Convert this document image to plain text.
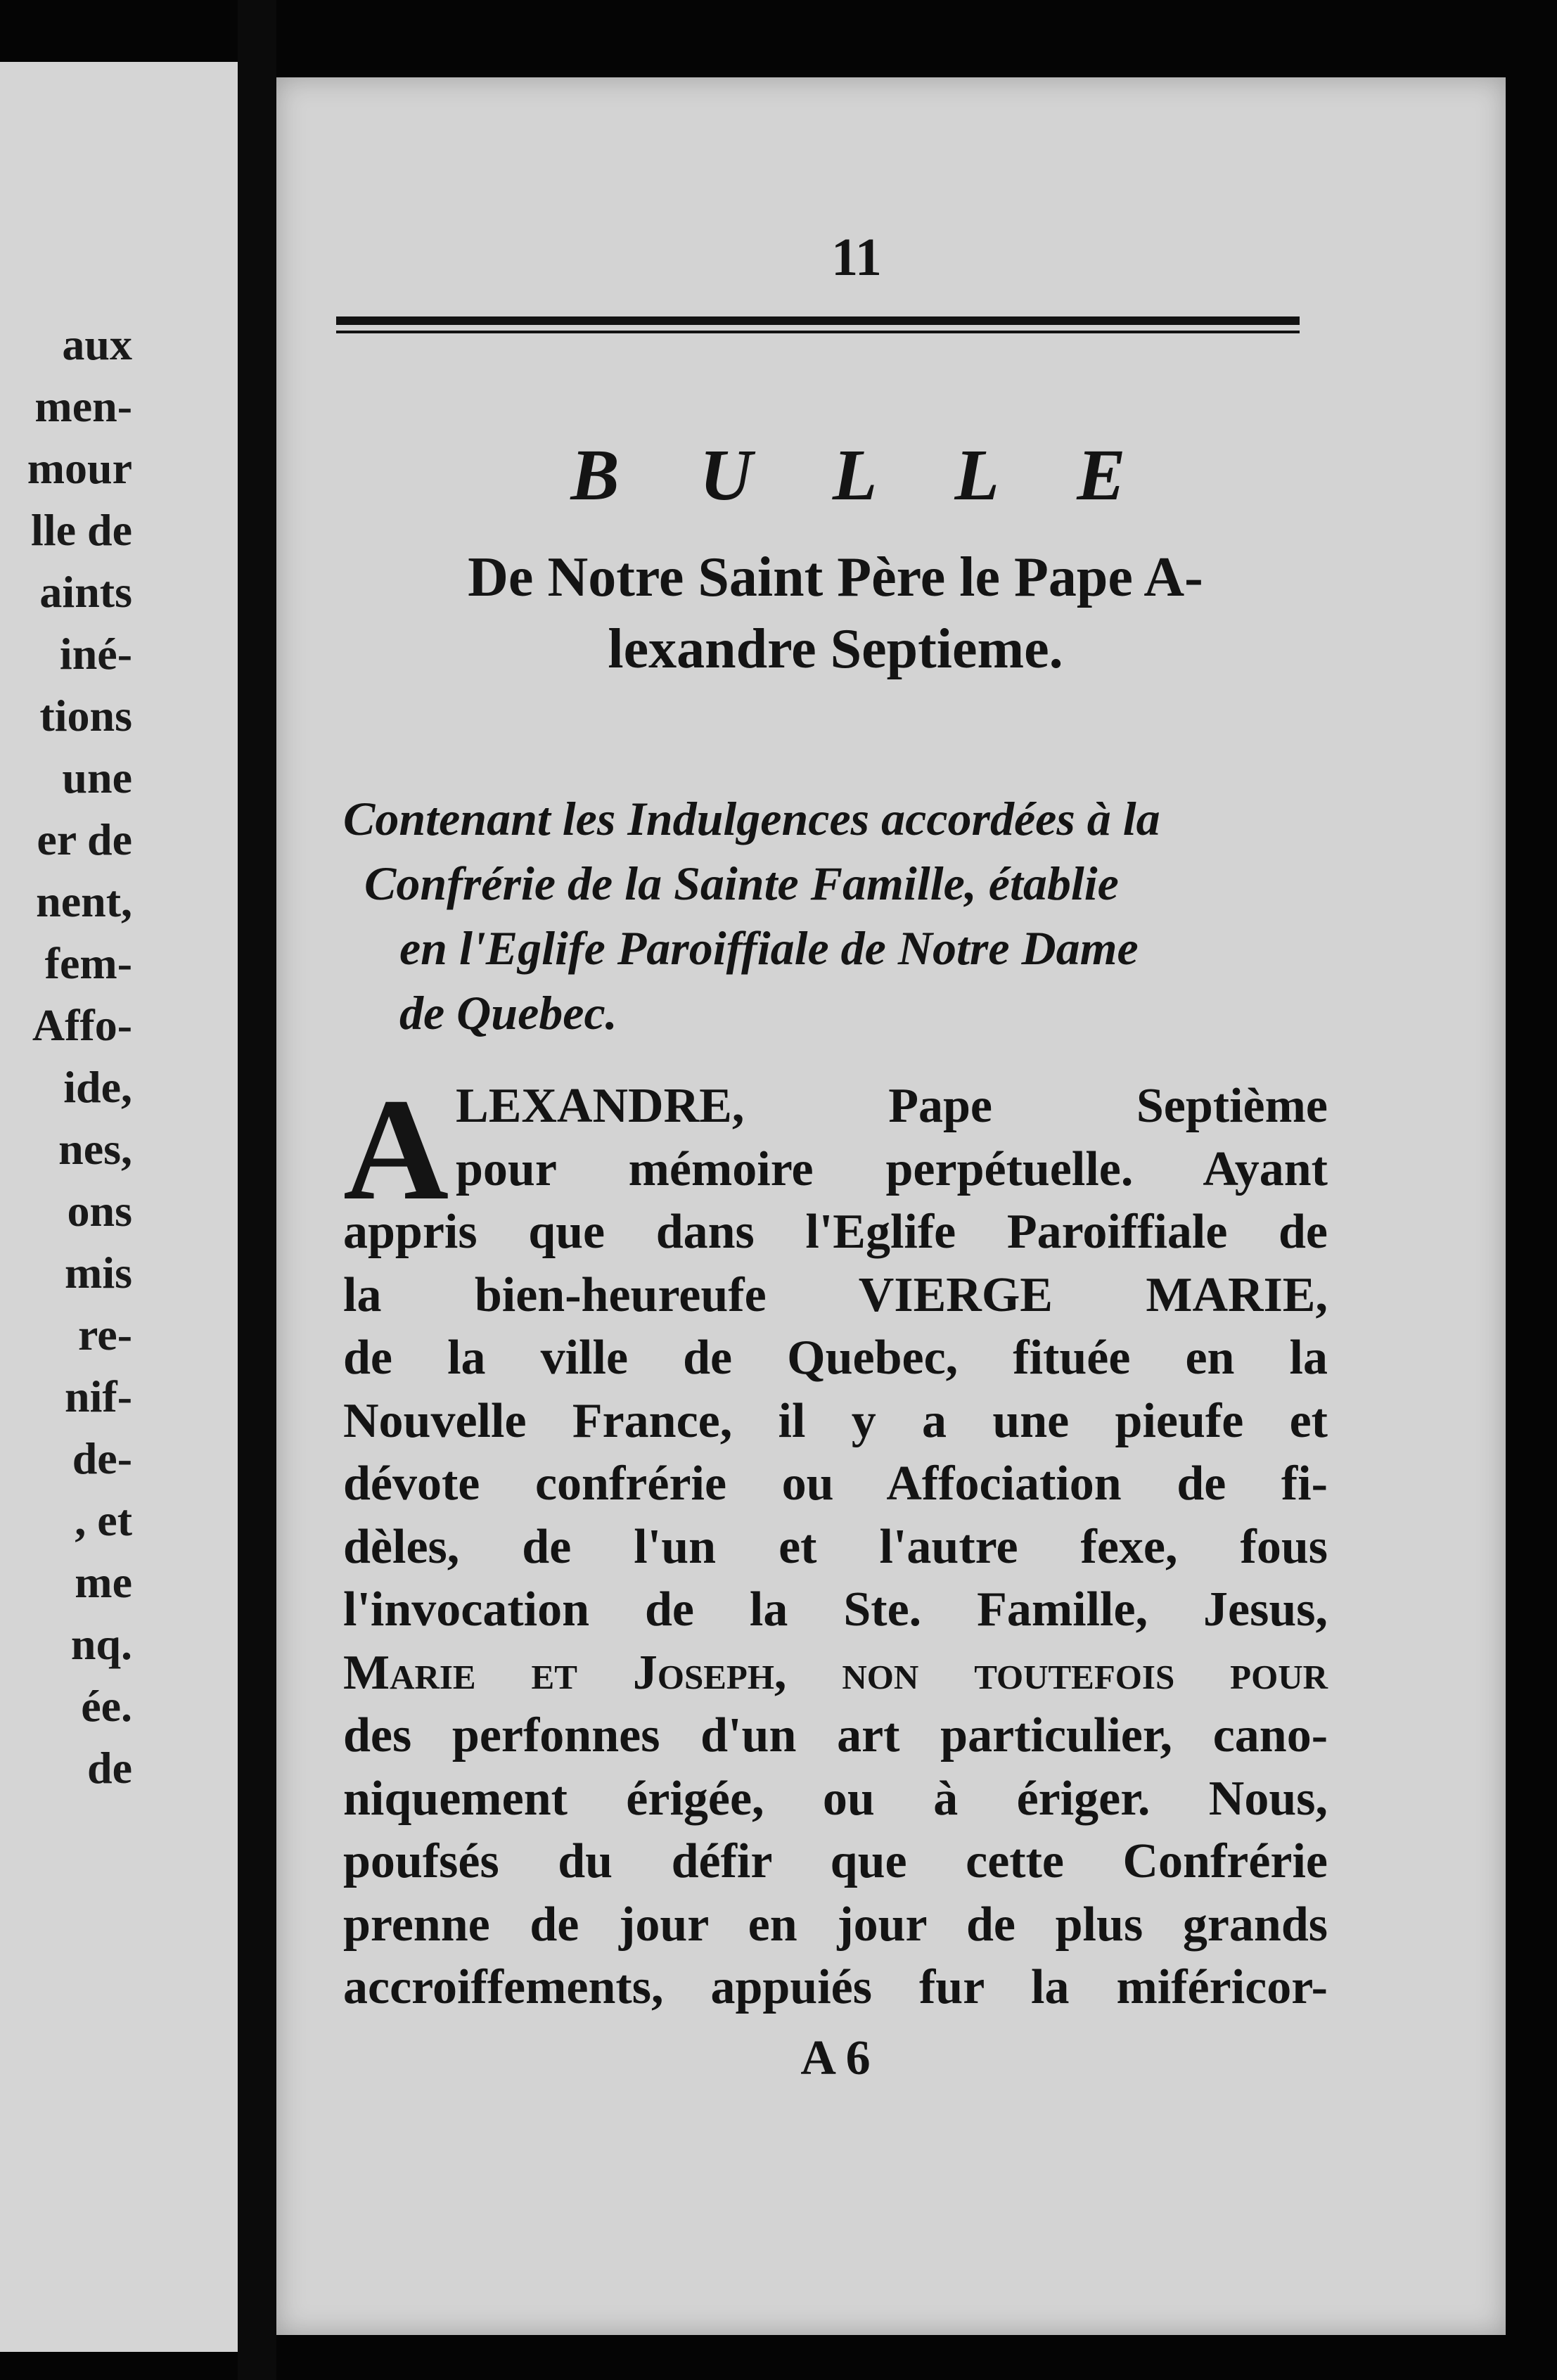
aux
men-
mour
lle de
aints
iné-
tions
une
er de
nent,
fem-
Affo-
ide,
nes,
ons
mis
re-
nif-
de-
, et
me
nq.
ée.
de
11
B U L L E
De Notre Saint Père le Pape A-
lexandre Septieme.
Contenant les Indulgences accordées à la
Confrérie de la Sainte Famille, établie
en l'Eglife Paroiffiale de Notre Dame
de Quebec.
A LEXANDRE, Pape Septième
pour mémoire perpétuelle. Ayant
appris que dans l'Eglife Paroiffiale de
la bien-heureufe VIERGE MARIE,
de la ville de Quebec, fituée en la
Nouvelle France, il y a une pieufe et
dévote confrérie ou Affociation de fi-
dèles, de l'un et l'autre fexe, fous
l'invocation de la Ste. Famille, Jesus,
Marie et Joseph, non toutefois pour
des perfonnes d'un art particulier, cano-
niquement érigée, ou à ériger. Nous,
poufsés du défir que cette Confrérie
prenne de jour en jour de plus grands
accroiffements, appuiés fur la miféricor-
A 6
